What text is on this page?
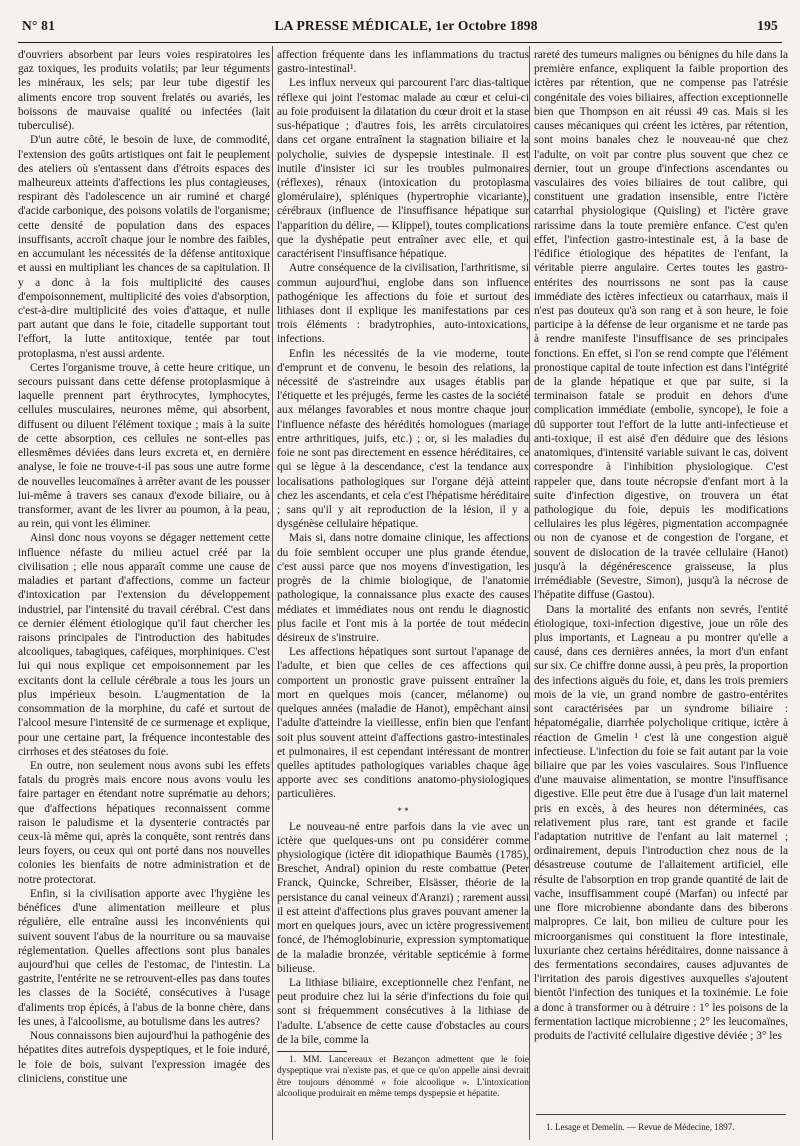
N° 81	LA PRESSE MÉDICALE, 1er Octobre 1898	195

d'ouvriers absorbent par leurs voies respiratoires les gaz toxiques, les produits volatils; par leur téguments les minéraux, les sels; par leur tube digestif les aliments encore trop souvent frelatés ou avariés, les boissons de mauvaise qualité ou infectées (lait tuberculisé).

D'un autre côté, le besoin de luxe, de commodité, l'extension des goûts artistiques ont fait le peuplement des ateliers où s'entassent dans d'étroits espaces des malheureux atteints d'affections les plus contagieuses, respirant dès l'adolescence un air ruminé et chargé d'acide carbonique, des poisons volatils de l'organisme; cette densité de population dans des espaces insuffisants, accroît chaque jour le nombre des faibles, en accumulant les nécessités de la défense antitoxique et aussi en multipliant les chances de sa capitulation. Il y a donc à la fois multiplicité des causes d'empoisonnement, multiplicité des voies d'absorption, c'est-à-dire multiplicité des voies d'attaque, et nulle part autant que dans le foie, citadelle supportant tout l'effort, la lutte antitoxique, tentée par tout protoplasma, n'est aussi ardente.

Certes l'organisme trouve, à cette heure critique, un secours puissant dans cette défense protoplasmique à laquelle prennent part érythrocytes, lymphocytes, cellules musculaires, neurones même, qui absorbent, diffusent ou diluent l'élément toxique ; mais à la suite de cette absorption, ces cellules ne sont-elles pas ellesmêmes déviées dans leurs excreta et, en dernière analyse, le foie ne trouve-t-il pas sous une autre forme de nouvelles leucomaïnes à arrêter avant de les pousser lui-même à travers ses canaux d'exode biliaire, ou à transformer, avant de les livrer au poumon, à la peau, au rein, qui vont les éliminer.

Ainsi donc nous voyons se dégager nettement cette influence néfaste du milieu actuel créé par la civilisation ; elle nous apparaît comme une cause de maladies et partant d'affections, comme un facteur d'intoxication par l'extension du développement industriel, par l'intensité du travail cérébral. C'est dans ce dernier élément étiologique qu'il faut chercher les raisons principales de l'introduction des habitudes alcooliques, tabagiques, caféiques, morphiniques. C'est lui qui nous explique cet empoisonnement par les excitants dont la cellule cérébrale a tous les jours un plus impérieux besoin. L'augmentation de la consommation de la morphine, du café et surtout de l'alcool mesure l'intensité de ce surmenage et explique, pour une certaine part, la fréquence incontestable des cirrhoses et des stéatoses du foie.

En outre, non seulement nous avons subi les effets fatals du progrès mais encore nous avons voulu les faire partager en étendant notre suprématie au dehors; que d'affections hépatiques reconnaissent comme raison le paludisme et la dysenterie contractés par ceux-là même qui, après la conquête, sont rentrés dans leurs foyers, ou ceux qui ont porté dans nos nouvelles colonies les bienfaits de notre administration et de notre protectorat.

Enfin, si la civilisation apporte avec l'hygiène les bénéfices d'une alimentation meilleure et plus régulière, elle entraîne aussi les inconvénients qui suivent souvent l'abus de la nourriture ou sa mauvaise réglementation. Quelles affections sont plus banales aujourd'hui que celles de l'estomac, de l'intestin. La gastrite, l'entérite ne se retrouvent-elles pas dans toutes les classes de la Société, consécutives à l'usage d'aliments trop épicés, à l'abus de la bonne chère, dans les unes, à l'alcoolisme, au botulisme dans les autres?

Nous connaissons bien aujourd'hui la pathogénie des hépatites dites autrefois dyspeptiques, et le foie induré, le foie de bois, suivant l'expression imagée des cliniciens, constitue une

affection fréquente dans les inflammations du tractus gastro-intestinal¹.

Les influx nerveux qui parcourent l'arc dias-taltique réflexe qui joint l'estomac malade au cœur et celui-ci au foie produisent la dilatation du cœur droit et la stase sus-hépatique ; d'autres fois, les arrêts circulatoires dans cet organe entraînent la stagnation biliaire et la polycholie, suivies de dyspepsie intestinale. Il est inutile d'insister ici sur les troubles pulmonaires (réflexes), rénaux (intoxication du protoplasma glomérulaire), spléniques (hypertrophie vicariante), cérébraux (influence de l'insuffisance hépatique sur l'apparition du délire, — Klippel), toutes complications que la dyshépatie peut entraîner avec elle, et qui caractérisent l'insuffisance hépatique.

Autre conséquence de la civilisation, l'arthritisme, si commun aujourd'hui, englobe dans son influence pathogénique les affections du foie et surtout des lithiases dont il explique les manifestations par ces trois éléments : bradytrophies, auto-intoxications, infections.

Enfin les nécessités de la vie moderne, toute d'emprunt et de convenu, le besoin des relations, la nécessité de s'astreindre aux usages établis par l'étiquette et les préjugés, ferme les castes de la société aux mélanges favorables et nous montre chaque jour l'influence néfaste des hérédités homologues (mariage entre arthritiques, juifs, etc.) ; or, si les maladies du foie ne sont pas directement en essence héréditaires, ce qui se lègue à la descendance, c'est la tendance aux localisations pathologiques sur l'organe déjà atteint chez les ascendants, et cela c'est l'hépatisme héréditaire ; sans qu'il y ait reproduction de la lésion, il y a dysgénèse cellulaire hépatique.

Mais si, dans notre domaine clinique, les affections du foie semblent occuper une plus grande étendue, c'est aussi parce que nos moyens d'investigation, les progrès de la chimie biologique, de l'anatomie pathologique, la connaissance plus exacte des causes médiates et immédiates nous ont rendu le diagnostic plus facile et l'ont mis à la portée de tout médecin désireux de s'instruire.

Les affections hépatiques sont surtout l'apanage de l'adulte, et bien que celles de ces affections qui comportent un pronostic grave puissent entraîner la mort en quelques mois (cancer, mélanome) ou quelques années (maladie de Hanot), empêchant ainsi l'adulte d'atteindre la vieillesse, enfin bien que l'enfant soit plus souvent atteint d'affections gastro-intestinales et pulmonaires, il est cependant intéressant de montrer quelles aptitudes pathologiques variables chaque âge apporte avec ses conditions anatomo-physiologiques particulières.

* *

Le nouveau-né entre parfois dans la vie avec un ictère que quelques-uns ont pu considérer comme physiologique (ictère dit idiopathique Baumès (1785), Breschet, Andral) opinion du reste combattue (Peter Franck, Quincke, Schreiber, Elsässer, théorie de la persistance du canal veineux d'Aranzi) ; rarement aussi il est atteint d'affections plus graves pouvant amener la mort en quelques jours, avec un ictère progressivement foncé, de l'hémoglobinurie, expression symptomatique de la maladie bronzée, véritable septicémie à forme bilieuse.

La lithiase biliaire, exceptionnelle chez l'enfant, ne peut produire chez lui la série d'infections du foie qui sont si fréquemment consécutives à la lithiase de l'adulte. L'absence de cette cause d'obstacles au cours de la bile, comme la

1. MM. Lancereaux et Bezançon admettent que le foie dyspeptique vrai n'existe pas, et que ce qu'on appelle ainsi devrait être toujours dénommé « foie alcoolique ». L'intoxication alcoolique produirait en même temps dyspepsie et hépatite.

rareté des tumeurs malignes ou bénignes du hile dans la première enfance, expliquent la faible proportion des ictères par rétention, que ne compense pas l'atrésie congénitale des voies biliaires, affection exceptionnelle bien que Thompson en ait réussi 49 cas. Mais si les causes mécaniques qui créent les ictères, par rétention, sont moins banales chez le nouveau-né que chez l'adulte, on voit par contre plus souvent que chez ce dernier, tout un groupe d'infections ascendantes ou vasculaires des voies biliaires de tout calibre, qui constituent une gradation insensible, entre l'ictère catarrhal physiologique (Quisling) et l'ictère grave rarissime dans la toute première enfance. C'est qu'en effet, l'infection gastro-intestinale est, à la base de l'édifice étiologique des hépatites de l'enfant, la véritable pierre angulaire. Certes toutes les gastro-entérites des nourrissons ne sont pas la cause immédiate des ictères infectieux ou catarrhaux, mais il n'est pas douteux qu'à son rang et à son heure, le foie participe à la défense de leur organisme et ne tarde pas à rendre manifeste l'insuffisance de ses principales fonctions. En effet, si l'on se rend compte que l'élément pronostique capital de toute infection est dans l'intégrité de la glande hépatique et que par suite, si la terminaison fatale se produit en dehors d'une complication immédiate (embolie, syncope), le foie a dû supporter tout l'effort de la lutte anti-infectieuse et anti-toxique, il est aisé d'en déduire que des lésions anatomiques, d'intensité variable suivant le cas, doivent correspondre à l'inhibition physiologique. C'est rappeler que, dans toute nécropsie d'enfant mort à la suite d'infection digestive, on trouvera un état pathologique du foie, depuis les modifications cellulaires les plus légères, pigmentation accompagnée ou non de cyanose et de congestion de l'organe, et souvent de dislocation de la travée cellulaire (Hanot) jusqu'à la dégénérescence graisseuse, la plus irrémédiable (Sevestre, Simon), jusqu'à la nécrose de l'hépatite diffuse (Gastou).

Dans la mortalité des enfants non sevrés, l'entité étiologique, toxi-infection digestive, joue un rôle des plus importants, et Lagneau a pu montrer qu'elle a causé, dans ces dernières années, la mort d'un enfant sur six. Ce chiffre donne aussi, à peu près, la proportion des infections aiguës du foie, et, dans les trois premiers mois de la vie, un grand nombre de gastro-entérites sont caractérisées par un syndrome biliaire : hépatomégalie, diarrhée polycholique critique, ictère à réaction de Gmelin ¹ c'est là une congestion aiguë infectieuse. L'infection du foie se fait autant par la voie biliaire que par les voies vasculaires. Sous l'influence d'une mauvaise alimentation, se montre l'insuffisance digestive. Elle peut être due à l'usage d'un lait maternel pris en excès, à des heures non déterminées, cas relativement plus rare, tant est grande et facile l'adaptation nutritive de l'enfant au lait maternel ; ordinairement, depuis l'introduction chez nous de la désastreuse coutume de l'allaitement artificiel, elle résulte de l'absorption en trop grande quantité de lait de vache, insuffisamment coupé (Marfan) ou infecté par une flore microbienne abondante dans des biberons malpropres. Ce lait, bon milieu de culture pour les microorganismes qui constituent la flore intestinale, luxuriante chez certains héréditaires, donne naissance à des fermentations secondaires, causes adjuvantes de l'irritation des parois digestives auxquelles s'ajoutent bientôt l'infection des tuniques et la toxinémie. Le foie a donc à transformer ou à détruire : 1° les poisons de la fermentation lactique microbienne ; 2° les leucomaïnes, produits de l'activité cellulaire digestive déviée ; 3° les

1. Lesage et Demelin. — Revue de Médecine, 1897.
